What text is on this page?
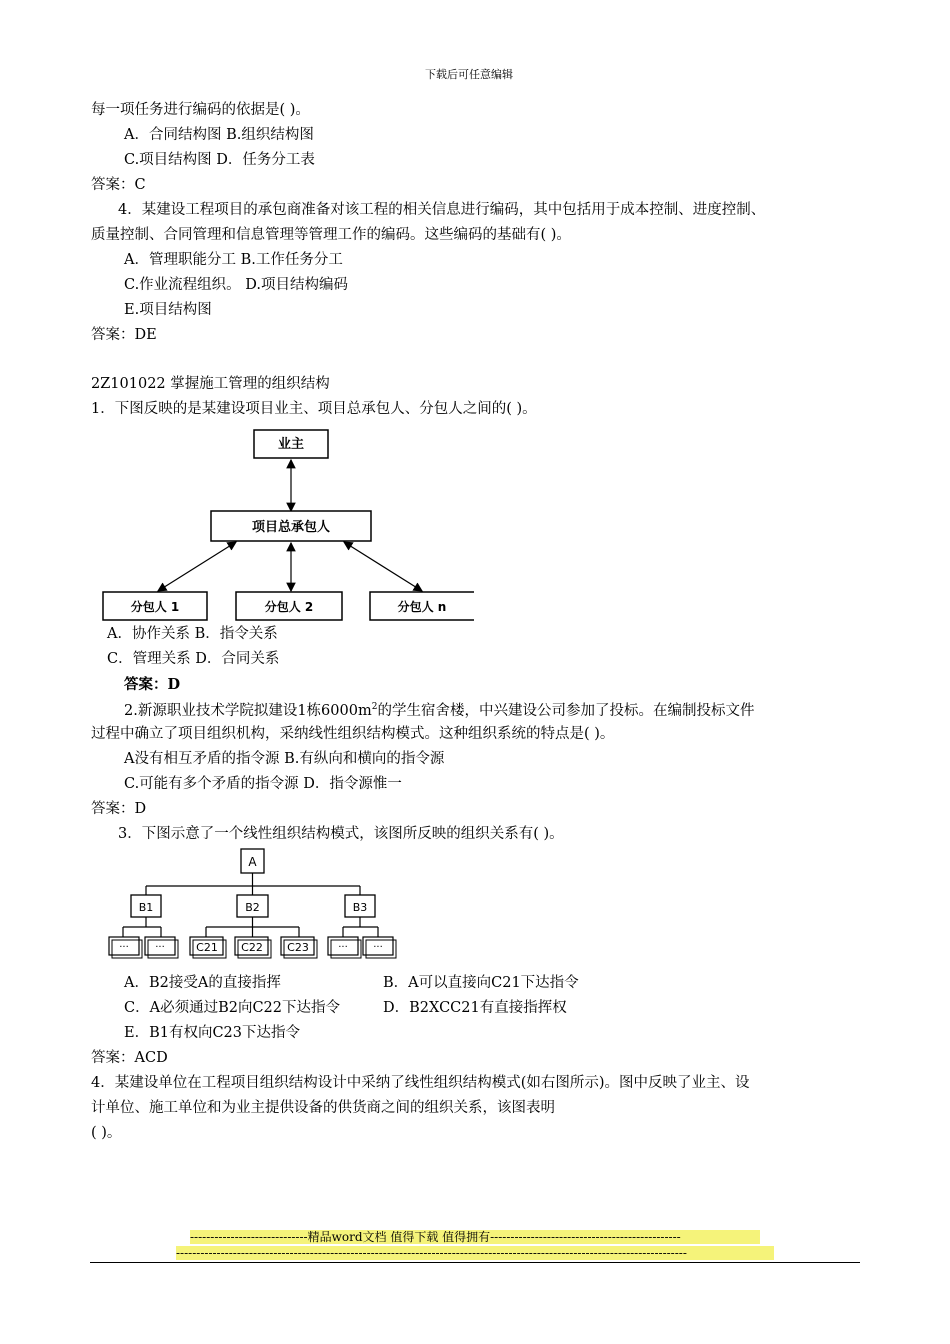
下载后可任意编辑
每一项任务进行编码的依据是( )。
A．合同结构图 B.组织结构图
C.项目结构图 D．任务分工表
答案：C
4．某建设工程项目的承包商准备对该工程的相关信息进行编码，其中包括用于成本控制、进度控制、
质量控制、合同管理和信息管理等管理工作的编码。这些编码的基础有( )。
A．管理职能分工 B.工作任务分工
C.作业流程组织。 D.项目结构编码
E.项目结构图
答案：DE
2Z101022 掌握施工管理的组织结构
1．下图反映的是某建设项目业主、项目总承包人、分包人之间的( )。
业主
项目总承包人
分包人 1	分包人 2	分包人 n
A．协作关系 B．指令关系
C．管理关系 D．合同关系
答案：D
2.新源职业技术学院拟建设1栋$6000m^2$的学生宿舍楼，中兴建设公司参加了投标。在编制投标文件
过程中确立了项目组织机构，采纳线性组织结构模式。这种组织系统的特点是( )。
A没有相互矛盾的指令源 B.有纵向和横向的指令源
C.可能有多个矛盾的指令源 D．指令源惟一
答案：D
3．下图示意了一个线性组织结构模式，该图所反映的组织关系有( )。
A
B1	B2	B3
···	···	C21 C22 C23	···	···
A．B2接受A的直接指挥	B．A可以直接向C21下达指令
C．A必须通过B2向C22下达指令	D．B2XCC21有直接指挥权
E．B1有权向C23下达指令
答案：ACD
4．某建设单位在工程项目组织结构设计中采纳了线性组织结构模式(如右图所示)。图中反映了业主、设
计单位、施工单位和为业主提供设备的供货商之间的组织关系，该图表明
( )。
-----------------------------精品word文档 值得下载 值得拥有-----------------------------------------------
------------------------------------------------------------------------------------------------------------------------------
